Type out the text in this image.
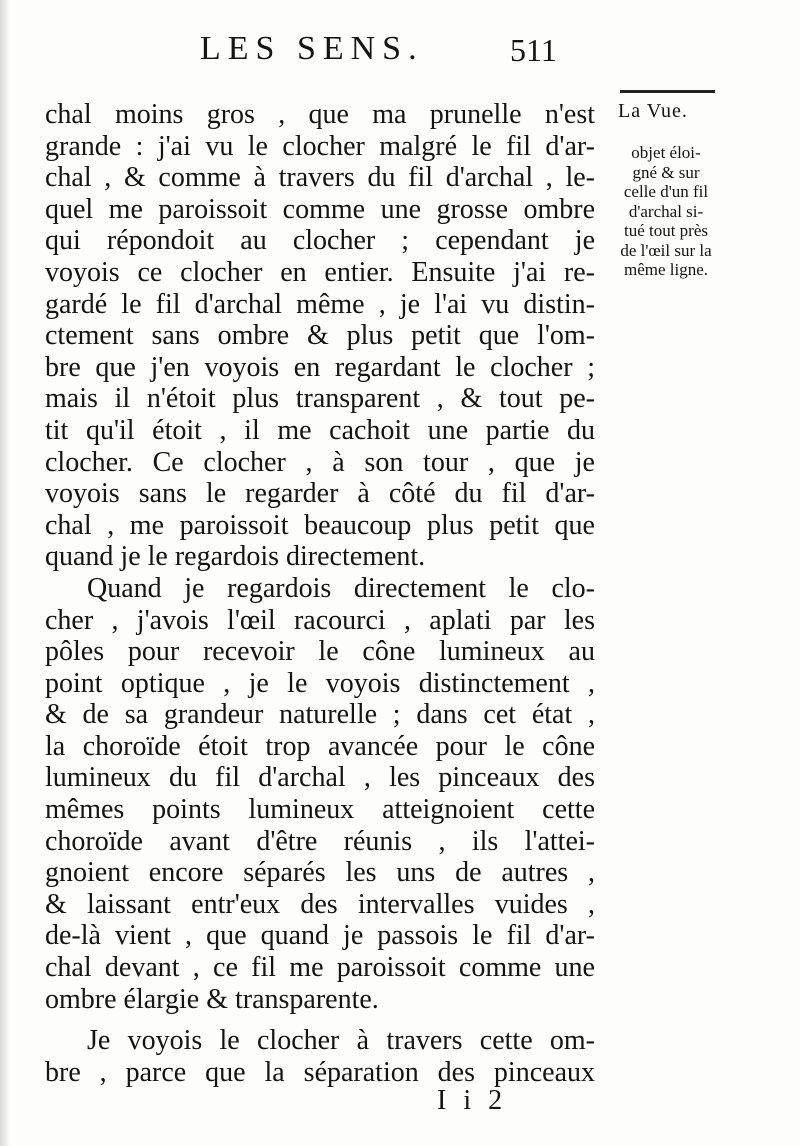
LES SENS.	511
La Vue.
objet éloi-
gné & sur
celle d'un fil
d'archal si-
tué tout près
de l'œil sur la
même ligne.
chal moins gros , que ma prunelle n'est
grande : j'ai vu le clocher malgré le fil d'ar-
chal , & comme à travers du fil d'archal , le-
quel me paroissoit comme une grosse ombre
qui répondoit au clocher ; cependant je
voyois ce clocher en entier. Ensuite j'ai re-
gardé le fil d'archal même , je l'ai vu distin-
ctement sans ombre & plus petit que l'om-
bre que j'en voyois en regardant le clocher ;
mais il n'étoit plus transparent , & tout pe-
tit qu'il étoit , il me cachoit une partie du
clocher. Ce clocher , à son tour , que je
voyois sans le regarder à côté du fil d'ar-
chal , me paroissoit beaucoup plus petit que
quand je le regardois directement.
Quand je regardois directement le clo-
cher , j'avois l'œil racourci , aplati par les
pôles pour recevoir le cône lumineux au
point optique , je le voyois distinctement ,
& de sa grandeur naturelle ; dans cet état ,
la choroïde étoit trop avancée pour le cône
lumineux du fil d'archal , les pinceaux des
mêmes points lumineux atteignoient cette
choroïde avant d'être réunis , ils l'attei-
gnoient encore séparés les uns de autres ,
& laissant entr'eux des intervalles vuides ,
de-là vient , que quand je passois le fil d'ar-
chal devant , ce fil me paroissoit comme une
ombre élargie & transparente.
Je voyois le clocher à travers cette om-
bre , parce que la séparation des pinceaux
I i 2
